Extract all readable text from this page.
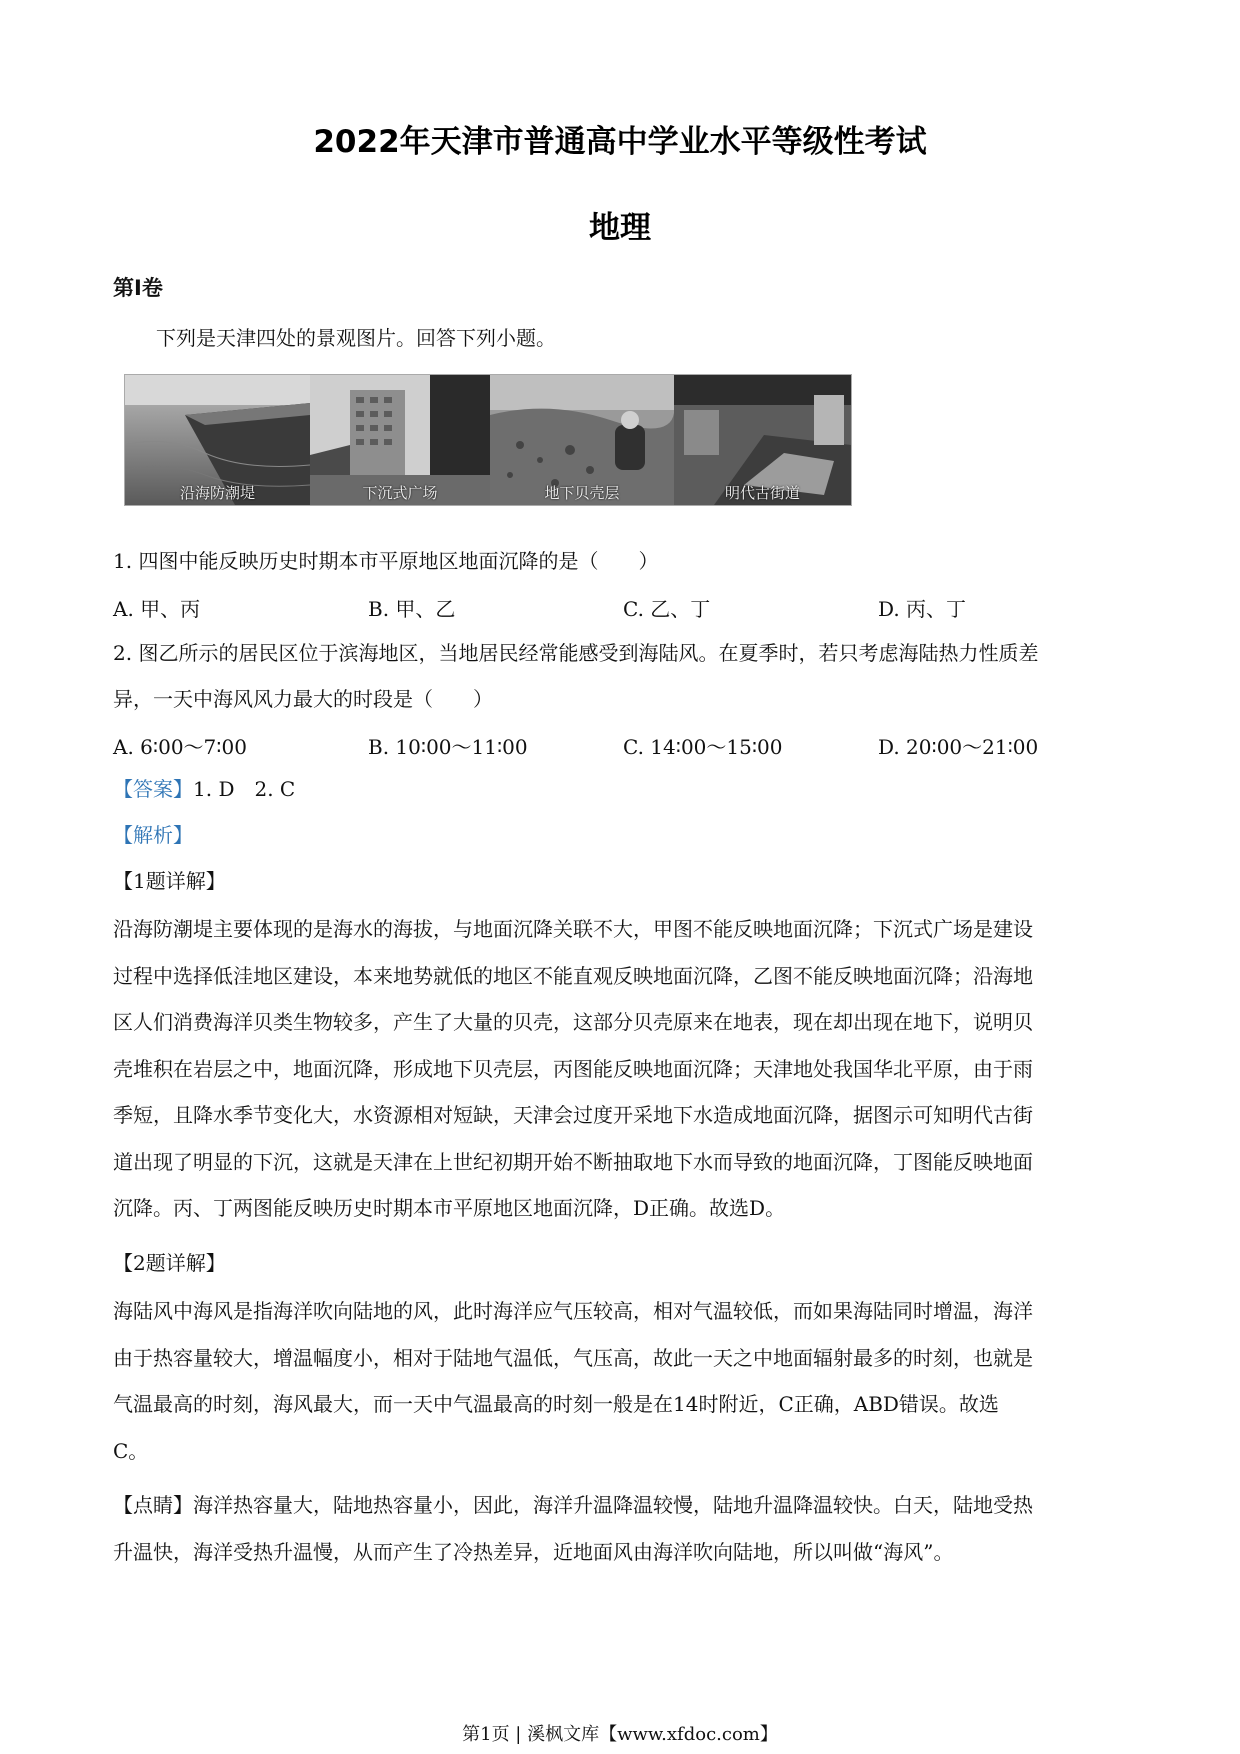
2022年天津市普通高中学业水平等级性考试
地理
第Ⅰ卷
下列是天津四处的景观图片。回答下列小题。
沿海防潮堤	下沉式广场	地下贝壳层	明代古街道
1. 四图中能反映历史时期本市平原地区地面沉降的是（　　）
A. 甲、丙	B. 甲、乙	C. 乙、丁	D. 丙、丁
2. 图乙所示的居民区位于滨海地区，当地居民经常能感受到海陆风。在夏季时，若只考虑海陆热力性质差
异，一天中海风风力最大的时段是（　　）
A. 6∶00～7∶00	B. 10∶00～11∶00	C. 14∶00～15∶00	D. 20∶00～21∶00
【答案】1. D　2. C
【解析】
【1题详解】
沿海防潮堤主要体现的是海水的海拔，与地面沉降关联不大，甲图不能反映地面沉降；下沉式广场是建设
过程中选择低洼地区建设，本来地势就低的地区不能直观反映地面沉降，乙图不能反映地面沉降；沿海地
区人们消费海洋贝类生物较多，产生了大量的贝壳，这部分贝壳原来在地表，现在却出现在地下，说明贝
壳堆积在岩层之中，地面沉降，形成地下贝壳层，丙图能反映地面沉降；天津地处我国华北平原，由于雨
季短，且降水季节变化大，水资源相对短缺，天津会过度开采地下水造成地面沉降，据图示可知明代古街
道出现了明显的下沉，这就是天津在上世纪初期开始不断抽取地下水而导致的地面沉降，丁图能反映地面
沉降。丙、丁两图能反映历史时期本市平原地区地面沉降，D正确。故选D。
【2题详解】
海陆风中海风是指海洋吹向陆地的风，此时海洋应气压较高，相对气温较低，而如果海陆同时增温，海洋
由于热容量较大，增温幅度小，相对于陆地气温低，气压高，故此一天之中地面辐射最多的时刻，也就是
气温最高的时刻，海风最大，而一天中气温最高的时刻一般是在14时附近，C正确，ABD错误。故选
C。
【点睛】海洋热容量大，陆地热容量小，因此，海洋升温降温较慢，陆地升温降温较快。白天，陆地受热
升温快，海洋受热升温慢，从而产生了冷热差异，近地面风由海洋吹向陆地，所以叫做“海风”。
第1页 | 溪枫文库【www.xfdoc.com】
